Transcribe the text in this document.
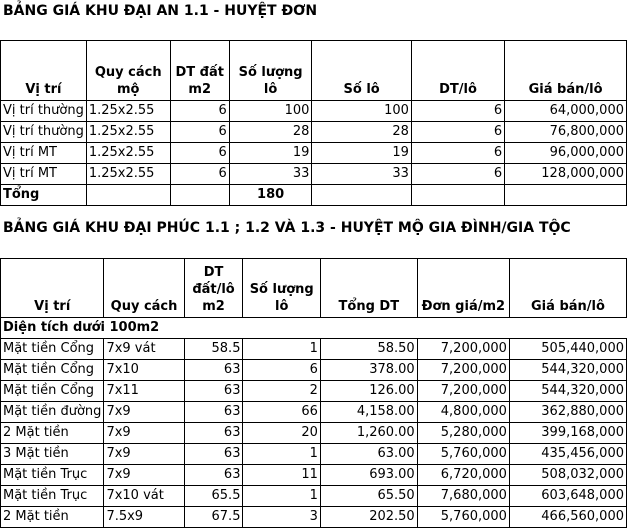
BẢNG GIÁ KHU ĐẠI AN 1.1 - HUYỆT ĐƠN
Vị trí	Quy cách mộ	DT đất m2	Số lượng lô	Số lô	DT/lô	Giá bán/lô
Vị trí thường	1.25x2.55	6	100	100	6	64,000,000
Vị trí thường	1.25x2.55	6	28	28	6	76,800,000
Vị trí MT	1.25x2.55	6	19	19	6	96,000,000
Vị trí MT	1.25x2.55	6	33	33	6	128,000,000
Tổng			180			
BẢNG GIÁ KHU ĐẠI PHÚC 1.1 ; 1.2 VÀ 1.3 - HUYỆT MỘ GIA ĐÌNH/GIA TỘC
Vị trí	Quy cách	DT đất/lô m2	Số lượng lô	Tổng DT	Đơn giá/m2	Giá bán/lô
Diện tích dưới 100m2						
Mặt tiền Cổng	7x9 vát	58.5	1	58.50	7,200,000	505,440,000
Mặt tiền Cổng	7x10	63	6	378.00	7,200,000	544,320,000
Mặt tiền Cổng	7x11	63	2	126.00	7,200,000	544,320,000
Mặt tiền đường	7x9	63	66	4,158.00	4,800,000	362,880,000
2 Mặt tiền	7x9	63	20	1,260.00	5,280,000	399,168,000
3 Mặt tiền	7x9	63	1	63.00	5,760,000	435,456,000
Mặt tiền Trục	7x9	63	11	693.00	6,720,000	508,032,000
Mặt tiền Trục	7x10 vát	65.5	1	65.50	7,680,000	603,648,000
2 Mặt tiền	7.5x9	67.5	3	202.50	5,760,000	466,560,000
